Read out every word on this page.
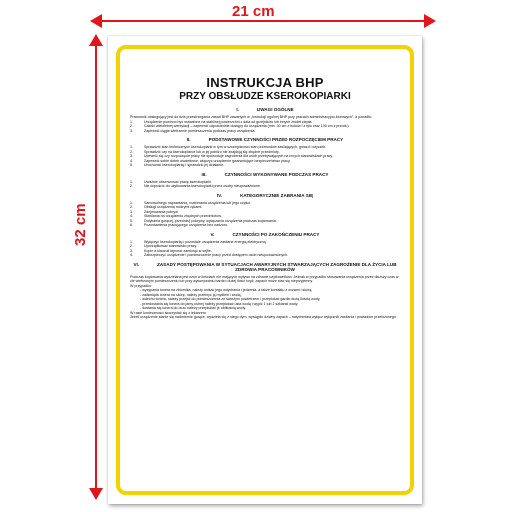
21 cm
32 cm
INSTRUKCJA BHP
PRZY OBSŁUDZE KSEROKOPIARKI
I.	UWAGI OGÓLNE

Pracownik obsługujący jest do dziś przestrzegania zasad BHP zawartych w „Instrukcji ogólnej BHP przy pracach administracyjno-biurowych”, a ponadto:

1.	Urządzenie powinno być ustawione na stabilnej powierzchni z dala od grzejników lub innych źródeł ciepła.
2.	Całość wieloletnej wentylacji – zapewnić odpowiednie dostępy do urządzenia (min. 30 cm z boków i z tyłu oraz 100 cm z przodu).
3.	Zapewnić ciągłe wietrzenie pomieszczenia podczas pracy urządzenia.
II.	PODSTAWOWE CZYNNOŚCI PRZED ROZPOCZĘCIEM PRACY
1.	Sprawdzić stan technicznych kserokopiarki w tym w szczególności stan przewodów zasilających, gniazd i wtyczek.
2.	Sprawdzić czy na kserokopiarce lub w jej pobliżu nie znajdują się zbędne przedmioty.
3.	Upewnić się czy rozpoczęcie pracy nie spowoduje zagrożenia dla osób przebywających na innych stanowiskach pracy.
4.	Zapewnić sobie dobre oświetlenie, włączyć urządzenie gwarantujące bezpieczeństwo pracy.
5.	Uruchomić kserokopiarkę i sprawdzić jej działanie.
III.	CZYNNOŚCI WYKONYWANE PODCZAS PRACY
1.	Uważnie obserwować pracę kserokopiarki.
2.	Nie dopuścić do użytkowania kserokopiarki przez osoby nieupoważnione.
IV.	KATEGORYCZNIE ZABRANIA SIĘ
1.	Samowolnego naprawiania, rozbierania urządzenia lub jego części.
2.	Obsługi urządzenia mokrymi rękami.
3.	Zdejmowania pokryw.
4.	Stawiania na urządzeniu zbędnych przedmiotów.
5.	Dotykania gorącej, przednie/j pokrywy, wyłączania urządzenia podczas kopiowania.
6.	Pozostawienia pracującego urządzenia bez nadzoru.
V.	CZYNNOŚCI PO ZAKOŃCZENIU PRACY
1.	Wyłączyć kserokopiarkę i pozostale urządzenia zasilane energią elektryczną.
2.	Uporządkować stanowisko pracy.
3.	Kopie a klauzuli tajności zamknąć w sejfie.
4.	Zabezpieczyć urządzenie i pomieszczenie pracy przed dostępem osób nieupoważnionych.
VI.	ZASADY POSTĘPOWANIA W SYTUACJACH AWARYJNYCH STWARZAJĄCYCH ZAGROŻENIE DLA ŻYCIA LUB ZDROWIA PRACOWNIKÓW

Podczas kopiowania wydzielana jest ozon w ilościach nie mających wpływu na zdrowie użytkowników. Jednak w przypadku stosowania urządzenia przez dłuższy czas w źle wietrzonym pomieszczeniu lub przy wykonywaniu bardzo dużej ilości kopii, zapach może stać się nieprzyjemny.

W przypadku:

- wysypania tonera na zbiornika, należy unikać jego wdychania i jedzenia, a także kontaktu z oczami i skórą,

- zalikwiąda tonera na skórę, należy przemyć ją mydłem i wodą,

- wdechu tonera, należy przejść do pomieszczenia ze świeżym powietrzem i przepłukać gardło dużą ilością wody,

- przedostania się tonera do jamy ustnej należy przepłukać usta wodą i wypić 1 lub 2 szklanki wody,

- dostania się tonera do oczu należy przepłukać je obfitością wody.

W razie konieczności skorzystać się z lekarzem.

Jeżeli urządzenie stanie się nadmiernie gorące, wydziela się z niego dym, wystąpiło dziwny zapach – natychmiast wyłącz wyłącznik zasilania i powiadom przełożonego.
